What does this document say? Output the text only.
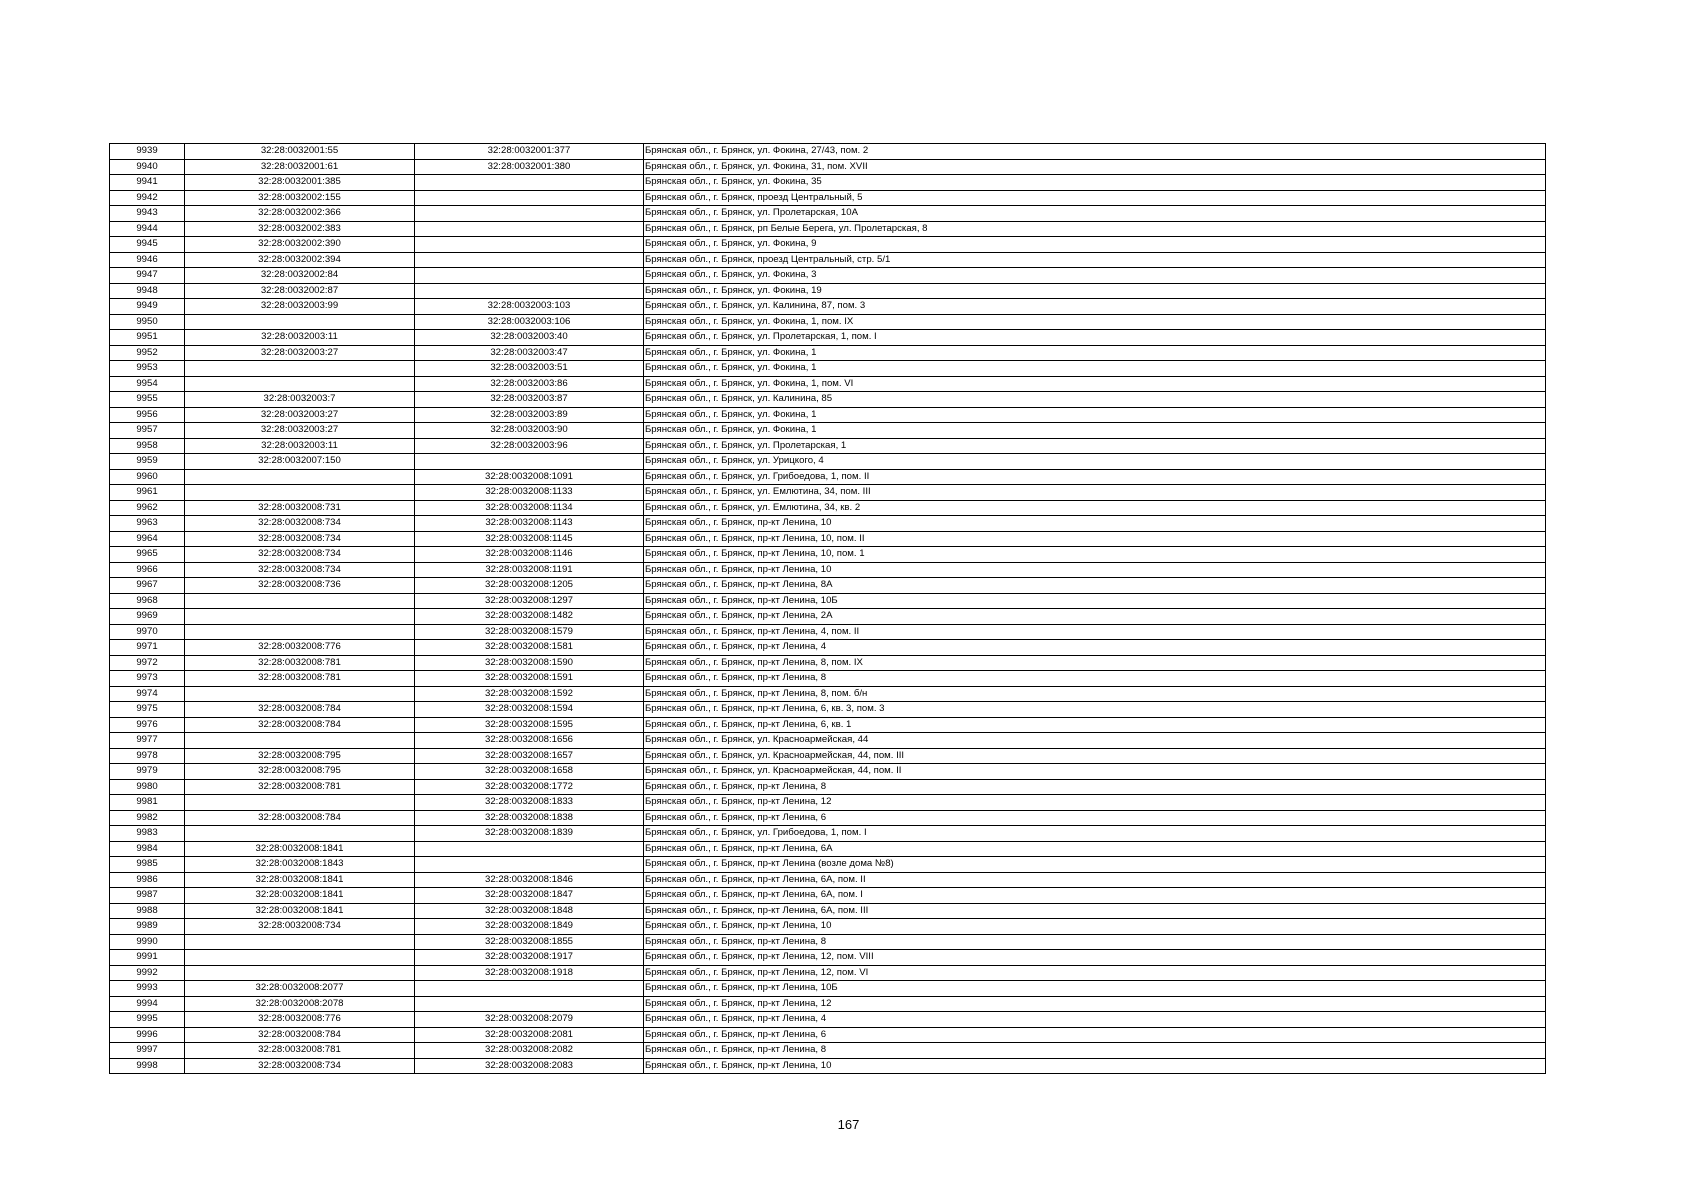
9939	32:28:0032001:55	32:28:0032001:377	Брянская обл., г. Брянск, ул. Фокина, 27/43, пом. 2
9940	32:28:0032001:61	32:28:0032001:380	Брянская обл., г. Брянск, ул. Фокина, 31, пом. XVII
9941	32:28:0032001:385		Брянская обл., г. Брянск, ул. Фокина, 35
9942	32:28:0032002:155		Брянская обл., г. Брянск, проезд Центральный, 5
9943	32:28:0032002:366		Брянская обл., г. Брянск, ул. Пролетарская, 10А
9944	32:28:0032002:383		Брянская обл., г. Брянск, рп Белые Берега, ул. Пролетарская, 8
9945	32:28:0032002:390		Брянская обл., г. Брянск, ул. Фокина, 9
9946	32:28:0032002:394		Брянская обл., г. Брянск, проезд Центральный, стр. 5/1
9947	32:28:0032002:84		Брянская обл., г. Брянск, ул. Фокина, 3
9948	32:28:0032002:87		Брянская обл., г. Брянск, ул. Фокина, 19
9949	32:28:0032003:99	32:28:0032003:103	Брянская обл., г. Брянск, ул. Калинина, 87, пом. 3
9950		32:28:0032003:106	Брянская обл., г. Брянск, ул. Фокина, 1, пом. IX
9951	32:28:0032003:11	32:28:0032003:40	Брянская обл., г. Брянск, ул. Пролетарская, 1, пом. I
9952	32:28:0032003:27	32:28:0032003:47	Брянская обл., г. Брянск, ул. Фокина, 1
9953		32:28:0032003:51	Брянская обл., г. Брянск, ул. Фокина, 1
9954		32:28:0032003:86	Брянская обл., г. Брянск, ул. Фокина, 1, пом. VI
9955	32:28:0032003:7	32:28:0032003:87	Брянская обл., г. Брянск, ул. Калинина, 85
9956	32:28:0032003:27	32:28:0032003:89	Брянская обл., г. Брянск, ул. Фокина, 1
9957	32:28:0032003:27	32:28:0032003:90	Брянская обл., г. Брянск, ул. Фокина, 1
9958	32:28:0032003:11	32:28:0032003:96	Брянская обл., г. Брянск, ул. Пролетарская, 1
9959	32:28:0032007:150		Брянская обл., г. Брянск, ул. Урицкого, 4
9960		32:28:0032008:1091	Брянская обл., г. Брянск, ул. Грибоедова, 1, пом. II
9961		32:28:0032008:1133	Брянская обл., г. Брянск, ул. Емлютина, 34, пом. III
9962	32:28:0032008:731	32:28:0032008:1134	Брянская обл., г. Брянск, ул. Емлютина, 34, кв. 2
9963	32:28:0032008:734	32:28:0032008:1143	Брянская обл., г. Брянск, пр-кт Ленина, 10
9964	32:28:0032008:734	32:28:0032008:1145	Брянская обл., г. Брянск, пр-кт Ленина, 10, пом. II
9965	32:28:0032008:734	32:28:0032008:1146	Брянская обл., г. Брянск, пр-кт Ленина, 10, пом. 1
9966	32:28:0032008:734	32:28:0032008:1191	Брянская обл., г. Брянск, пр-кт Ленина, 10
9967	32:28:0032008:736	32:28:0032008:1205	Брянская обл., г. Брянск, пр-кт Ленина, 8А
9968		32:28:0032008:1297	Брянская обл., г. Брянск, пр-кт Ленина, 10Б
9969		32:28:0032008:1482	Брянская обл., г. Брянск, пр-кт Ленина, 2А
9970		32:28:0032008:1579	Брянская обл., г. Брянск, пр-кт Ленина, 4, пом. II
9971	32:28:0032008:776	32:28:0032008:1581	Брянская обл., г. Брянск, пр-кт Ленина, 4
9972	32:28:0032008:781	32:28:0032008:1590	Брянская обл., г. Брянск, пр-кт Ленина, 8, пом. IX
9973	32:28:0032008:781	32:28:0032008:1591	Брянская обл., г. Брянск, пр-кт Ленина, 8
9974		32:28:0032008:1592	Брянская обл., г. Брянск, пр-кт Ленина, 8, пом. б/н
9975	32:28:0032008:784	32:28:0032008:1594	Брянская обл., г. Брянск, пр-кт Ленина, 6, кв. 3, пом. 3
9976	32:28:0032008:784	32:28:0032008:1595	Брянская обл., г. Брянск, пр-кт Ленина, 6, кв. 1
9977		32:28:0032008:1656	Брянская обл., г. Брянск, ул. Красноармейская, 44
9978	32:28:0032008:795	32:28:0032008:1657	Брянская обл., г. Брянск, ул. Красноармейская, 44, пом. III
9979	32:28:0032008:795	32:28:0032008:1658	Брянская обл., г. Брянск, ул. Красноармейская, 44, пом. II
9980	32:28:0032008:781	32:28:0032008:1772	Брянская обл., г. Брянск, пр-кт Ленина, 8
9981		32:28:0032008:1833	Брянская обл., г. Брянск, пр-кт Ленина, 12
9982	32:28:0032008:784	32:28:0032008:1838	Брянская обл., г. Брянск, пр-кт Ленина, 6
9983		32:28:0032008:1839	Брянская обл., г. Брянск, ул. Грибоедова, 1, пом. I
9984	32:28:0032008:1841		Брянская обл., г. Брянск, пр-кт Ленина, 6А
9985	32:28:0032008:1843		Брянская обл., г. Брянск, пр-кт Ленина (возле дома №8)
9986	32:28:0032008:1841	32:28:0032008:1846	Брянская обл., г. Брянск, пр-кт Ленина, 6А, пом. II
9987	32:28:0032008:1841	32:28:0032008:1847	Брянская обл., г. Брянск, пр-кт Ленина, 6А, пом. I
9988	32:28:0032008:1841	32:28:0032008:1848	Брянская обл., г. Брянск, пр-кт Ленина, 6А, пом. III
9989	32:28:0032008:734	32:28:0032008:1849	Брянская обл., г. Брянск, пр-кт Ленина, 10
9990		32:28:0032008:1855	Брянская обл., г. Брянск, пр-кт Ленина, 8
9991		32:28:0032008:1917	Брянская обл., г. Брянск, пр-кт Ленина, 12, пом. VIII
9992		32:28:0032008:1918	Брянская обл., г. Брянск, пр-кт Ленина, 12, пом. VI
9993	32:28:0032008:2077		Брянская обл., г. Брянск, пр-кт Ленина, 10Б
9994	32:28:0032008:2078		Брянская обл., г. Брянск, пр-кт Ленина, 12
9995	32:28:0032008:776	32:28:0032008:2079	Брянская обл., г. Брянск, пр-кт Ленина, 4
9996	32:28:0032008:784	32:28:0032008:2081	Брянская обл., г. Брянск, пр-кт Ленина, 6
9997	32:28:0032008:781	32:28:0032008:2082	Брянская обл., г. Брянск, пр-кт Ленина, 8
9998	32:28:0032008:734	32:28:0032008:2083	Брянская обл., г. Брянск, пр-кт Ленина, 10
167
